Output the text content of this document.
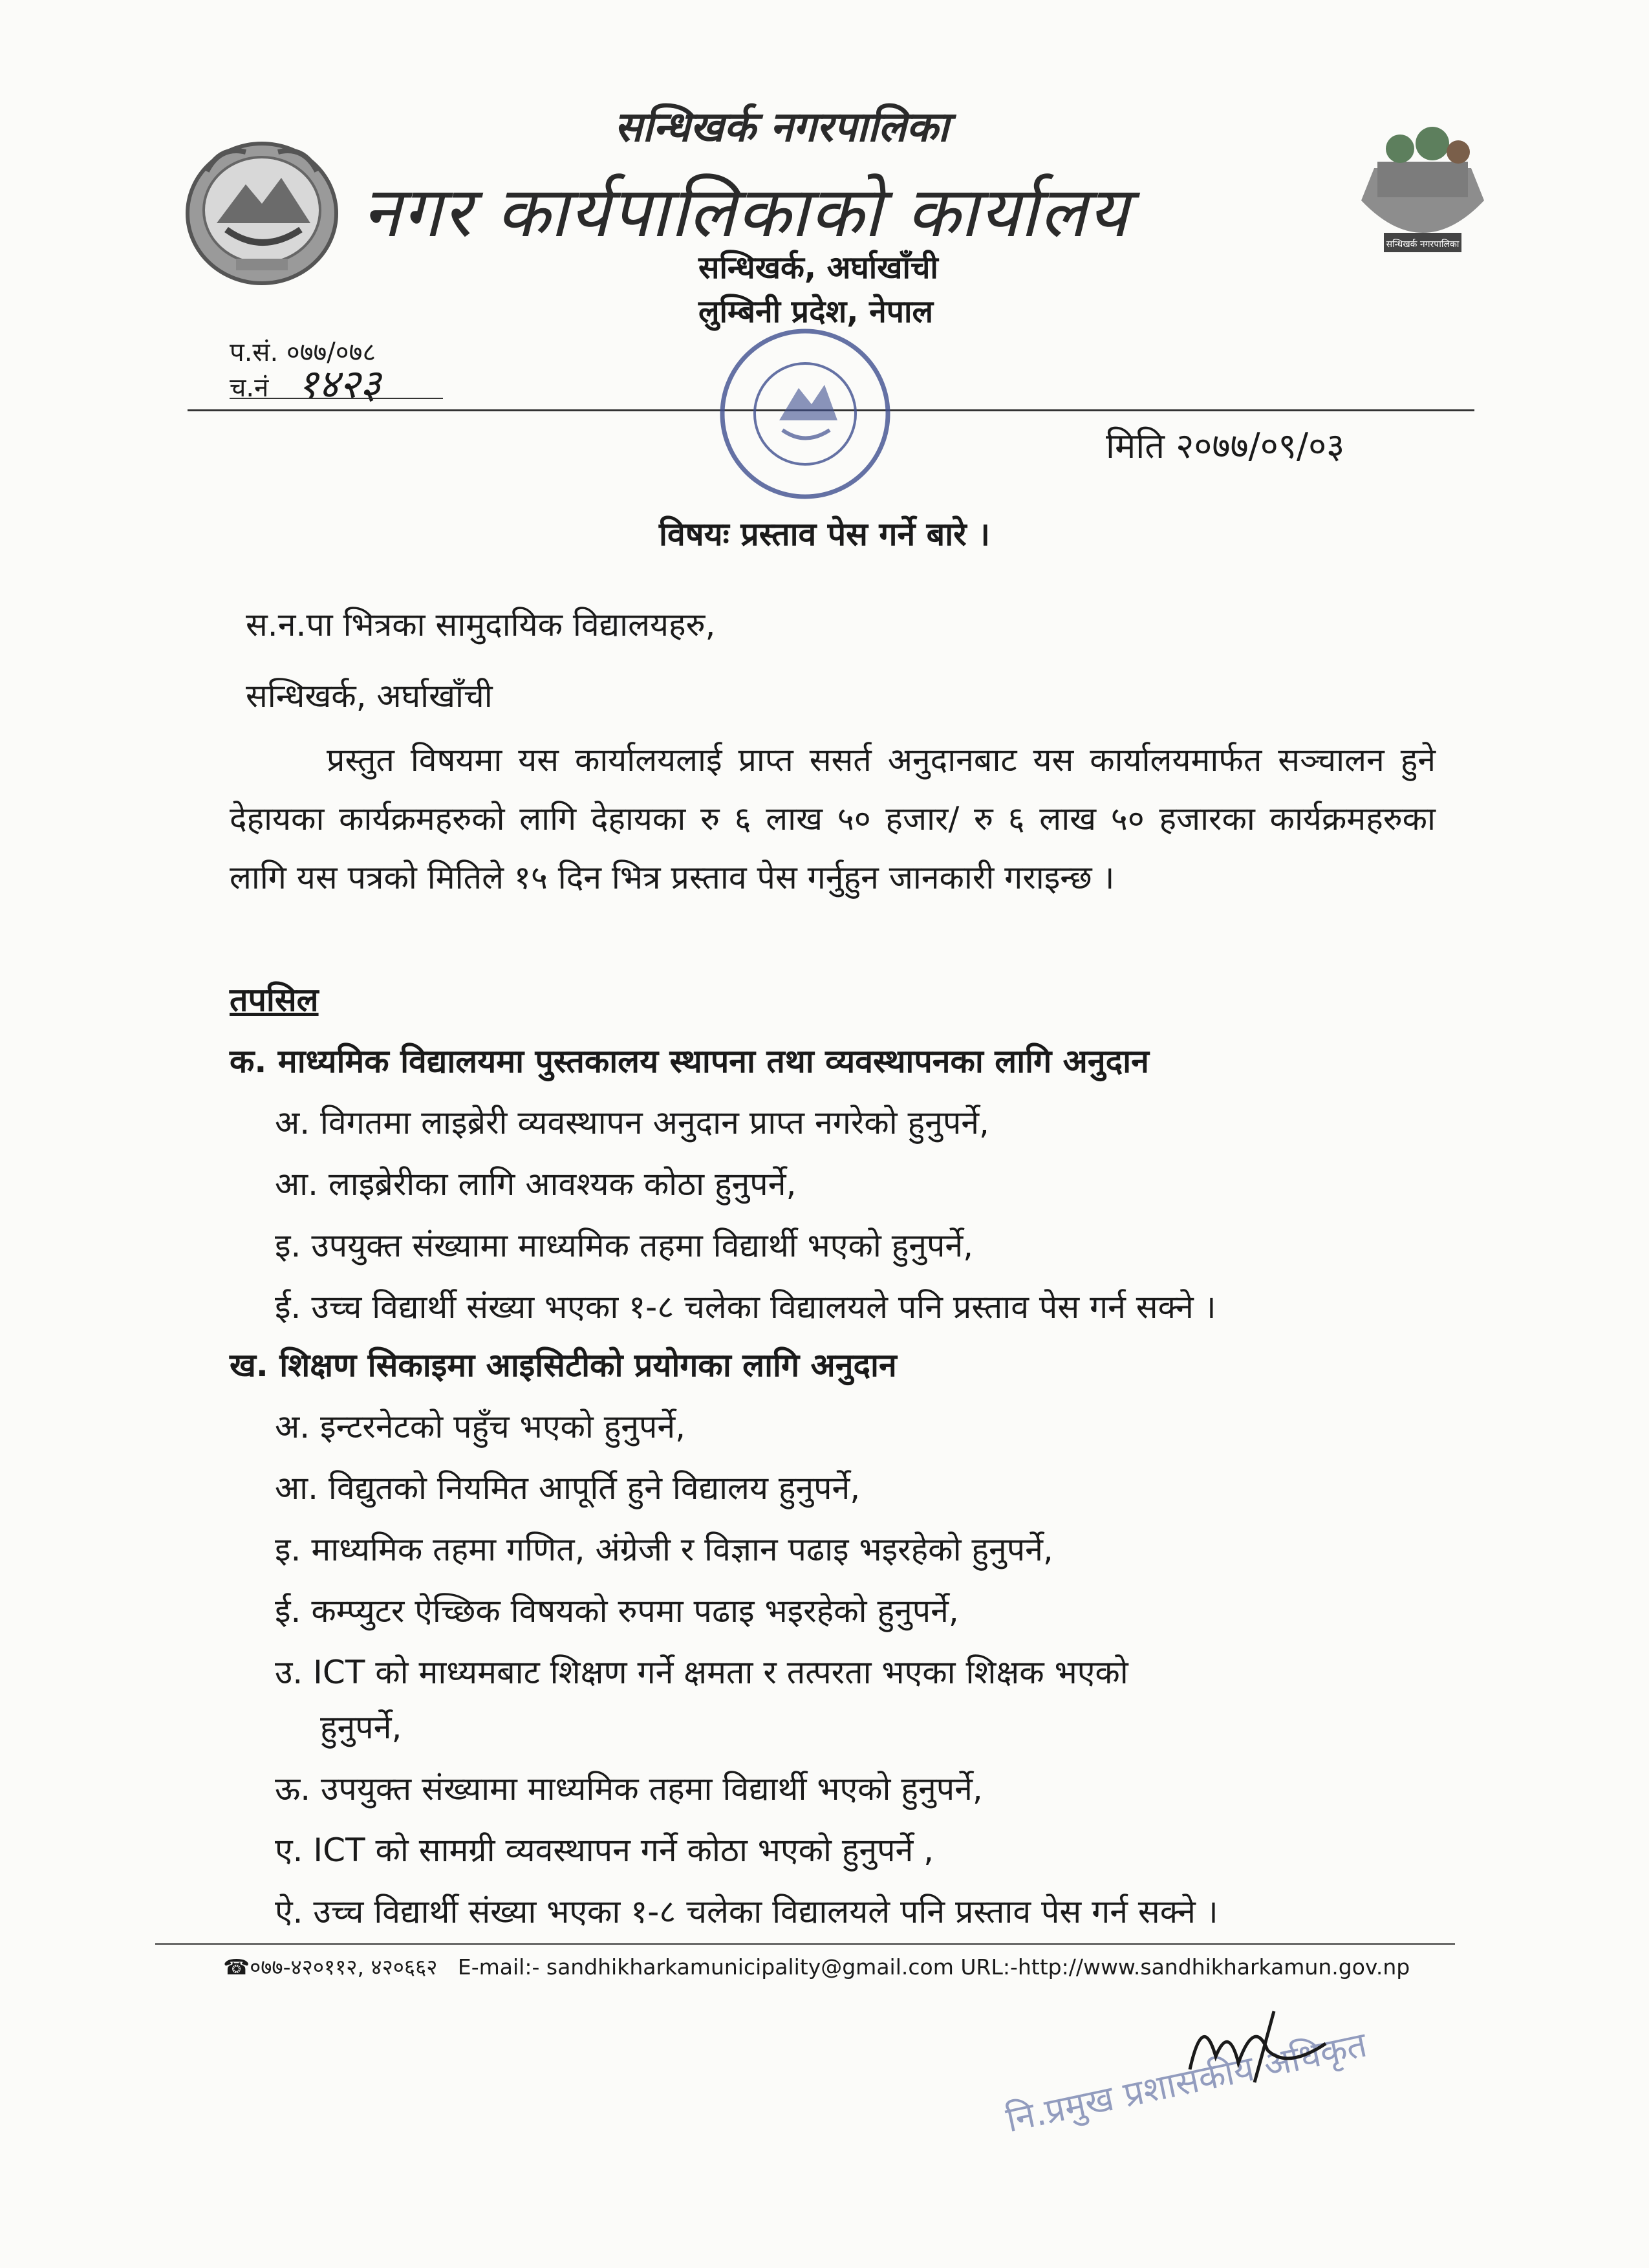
सन्धिखर्क नगरपालिका
सन्धिखर्क नगरपालिका
नगर कार्यपालिकाको कार्यालय
सन्धिखर्क, अर्घाखाँची
लुम्बिनी प्रदेश, नेपाल
प.सं. ०७७/०७८
च.नं १४२३
मिति २०७७/०९/०३
विषयः प्रस्ताव पेस गर्ने बारे ।
स.न.पा भित्रका सामुदायिक विद्यालयहरु,
सन्धिखर्क, अर्घाखाँची
प्रस्तुत विषयमा यस कार्यालयलाई प्राप्त ससर्त अनुदानबाट यस कार्यालयमार्फत सञ्चालन हुने देहायका कार्यक्रमहरुको लागि देहायका रु ६ लाख ५० हजार/ रु ६ लाख ५० हजारका कार्यक्रमहरुका लागि यस पत्रको मितिले १५ दिन भित्र प्रस्ताव पेस गर्नुहुन जानकारी गराइन्छ ।
तपसिल
क. माध्यमिक विद्यालयमा पुस्तकालय स्थापना तथा व्यवस्थापनका लागि अनुदान
अ. विगतमा लाइब्रेरी व्यवस्थापन अनुदान प्राप्त नगरेको हुनुपर्ने,
आ. लाइब्रेरीका लागि आवश्यक कोठा हुनुपर्ने,
इ. उपयुक्त संख्यामा माध्यमिक तहमा विद्यार्थी भएको हुनुपर्ने,
ई. उच्च विद्यार्थी संख्या भएका १-८ चलेका विद्यालयले पनि प्रस्ताव पेस गर्न सक्ने ।
ख. शिक्षण सिकाइमा आइसिटीको प्रयोगका लागि अनुदान
अ. इन्टरनेटको पहुँच भएको हुनुपर्ने,
आ. विद्युतको नियमित आपूर्ति हुने विद्यालय हुनुपर्ने,
इ. माध्यमिक तहमा गणित, अंग्रेजी र विज्ञान पढाइ भइरहेको हुनुपर्ने,
ई. कम्प्युटर ऐच्छिक विषयको रुपमा पढाइ भइरहेको हुनुपर्ने,
उ. ICT को माध्यमबाट शिक्षण गर्ने क्षमता र तत्परता भएका शिक्षक भएको
हुनुपर्ने,
ऊ. उपयुक्त संख्यामा माध्यमिक तहमा विद्यार्थी भएको हुनुपर्ने,
ए. ICT को सामग्री व्यवस्थापन गर्ने कोठा भएको हुनुपर्ने ,
ऐ. उच्च विद्यार्थी संख्या भएका १-८ चलेका विद्यालयले पनि प्रस्ताव पेस गर्न सक्ने ।
☎०७७-४२०११२, ४२०६६२ E-mail:- sandhikharkamunicipality@gmail.com URL:-http://www.sandhikharkamun.gov.np
नि.प्रमुख प्रशासकीय अधिकृत
